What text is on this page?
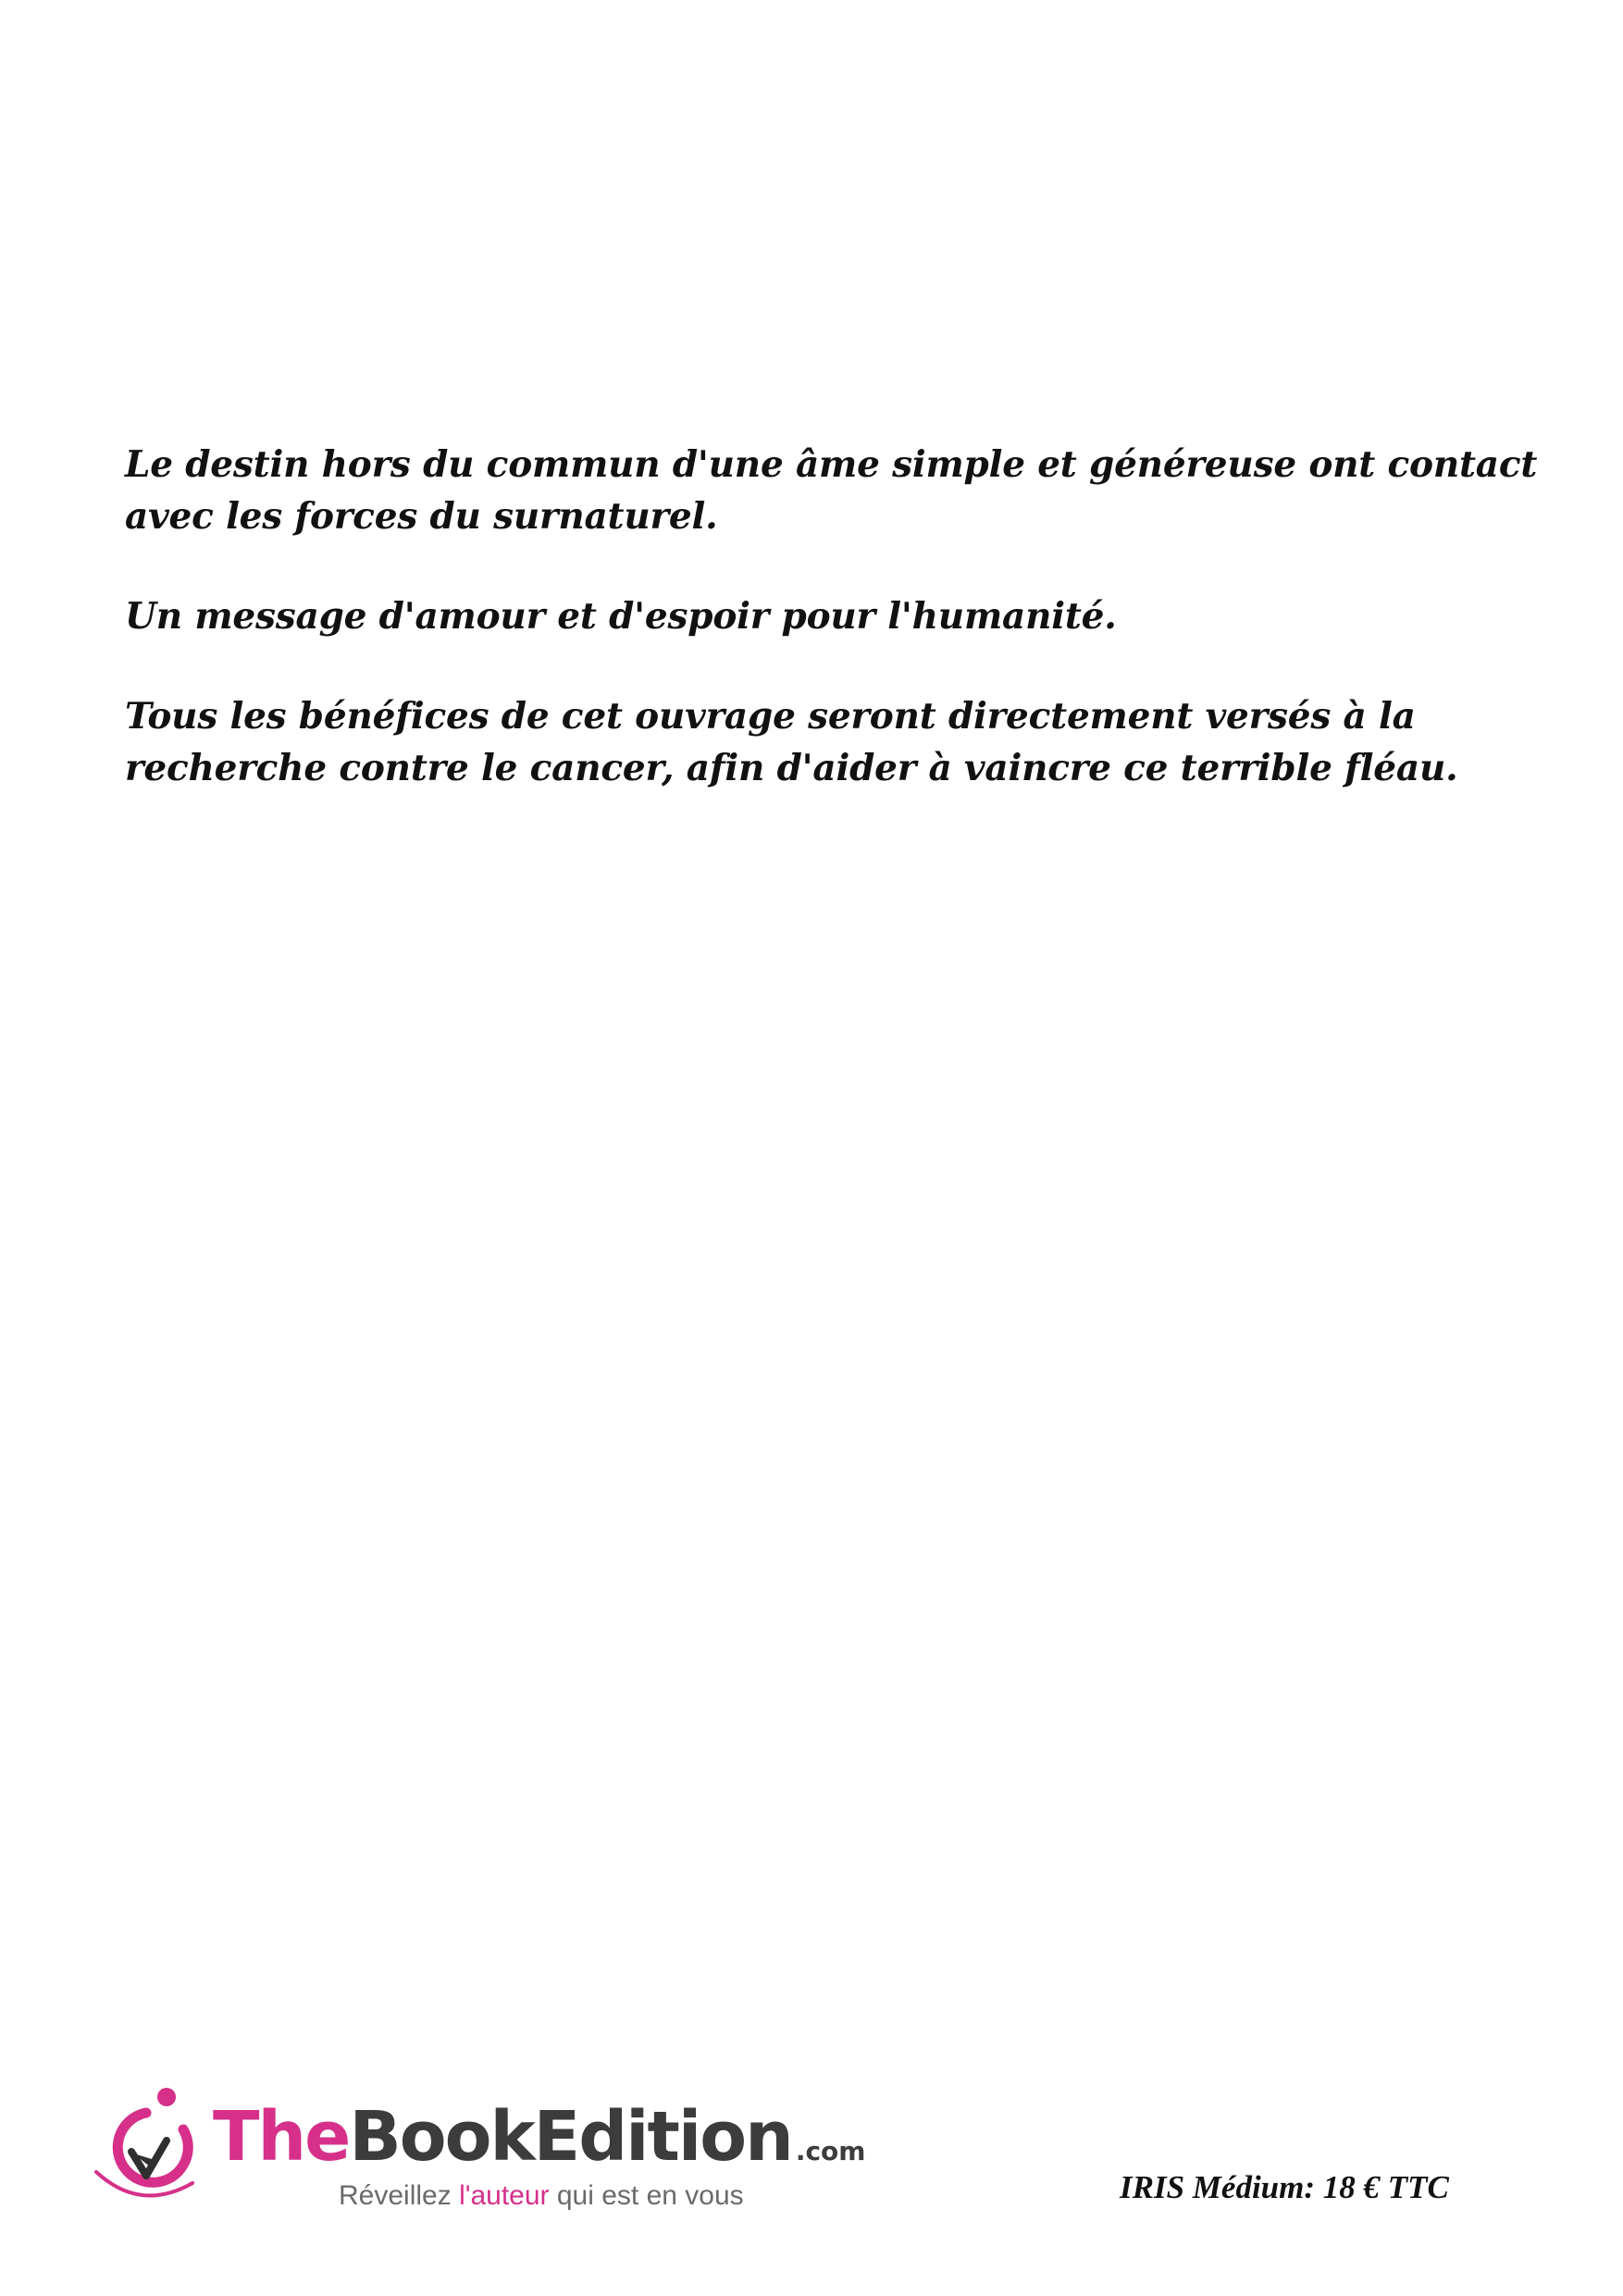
Le destin hors du commun d'une âme simple et généreuse ont contact
avec les forces du surnaturel.

Un message d'amour et d'espoir pour l'humanité.

Tous les bénéfices de cet ouvrage seront directement versés à la
recherche contre le cancer, afin d'aider à vaincre ce terrible fléau.

TheBookEdition .com
Réveillez l'auteur qui est en vous	IRIS Médium: 18 € TTC
